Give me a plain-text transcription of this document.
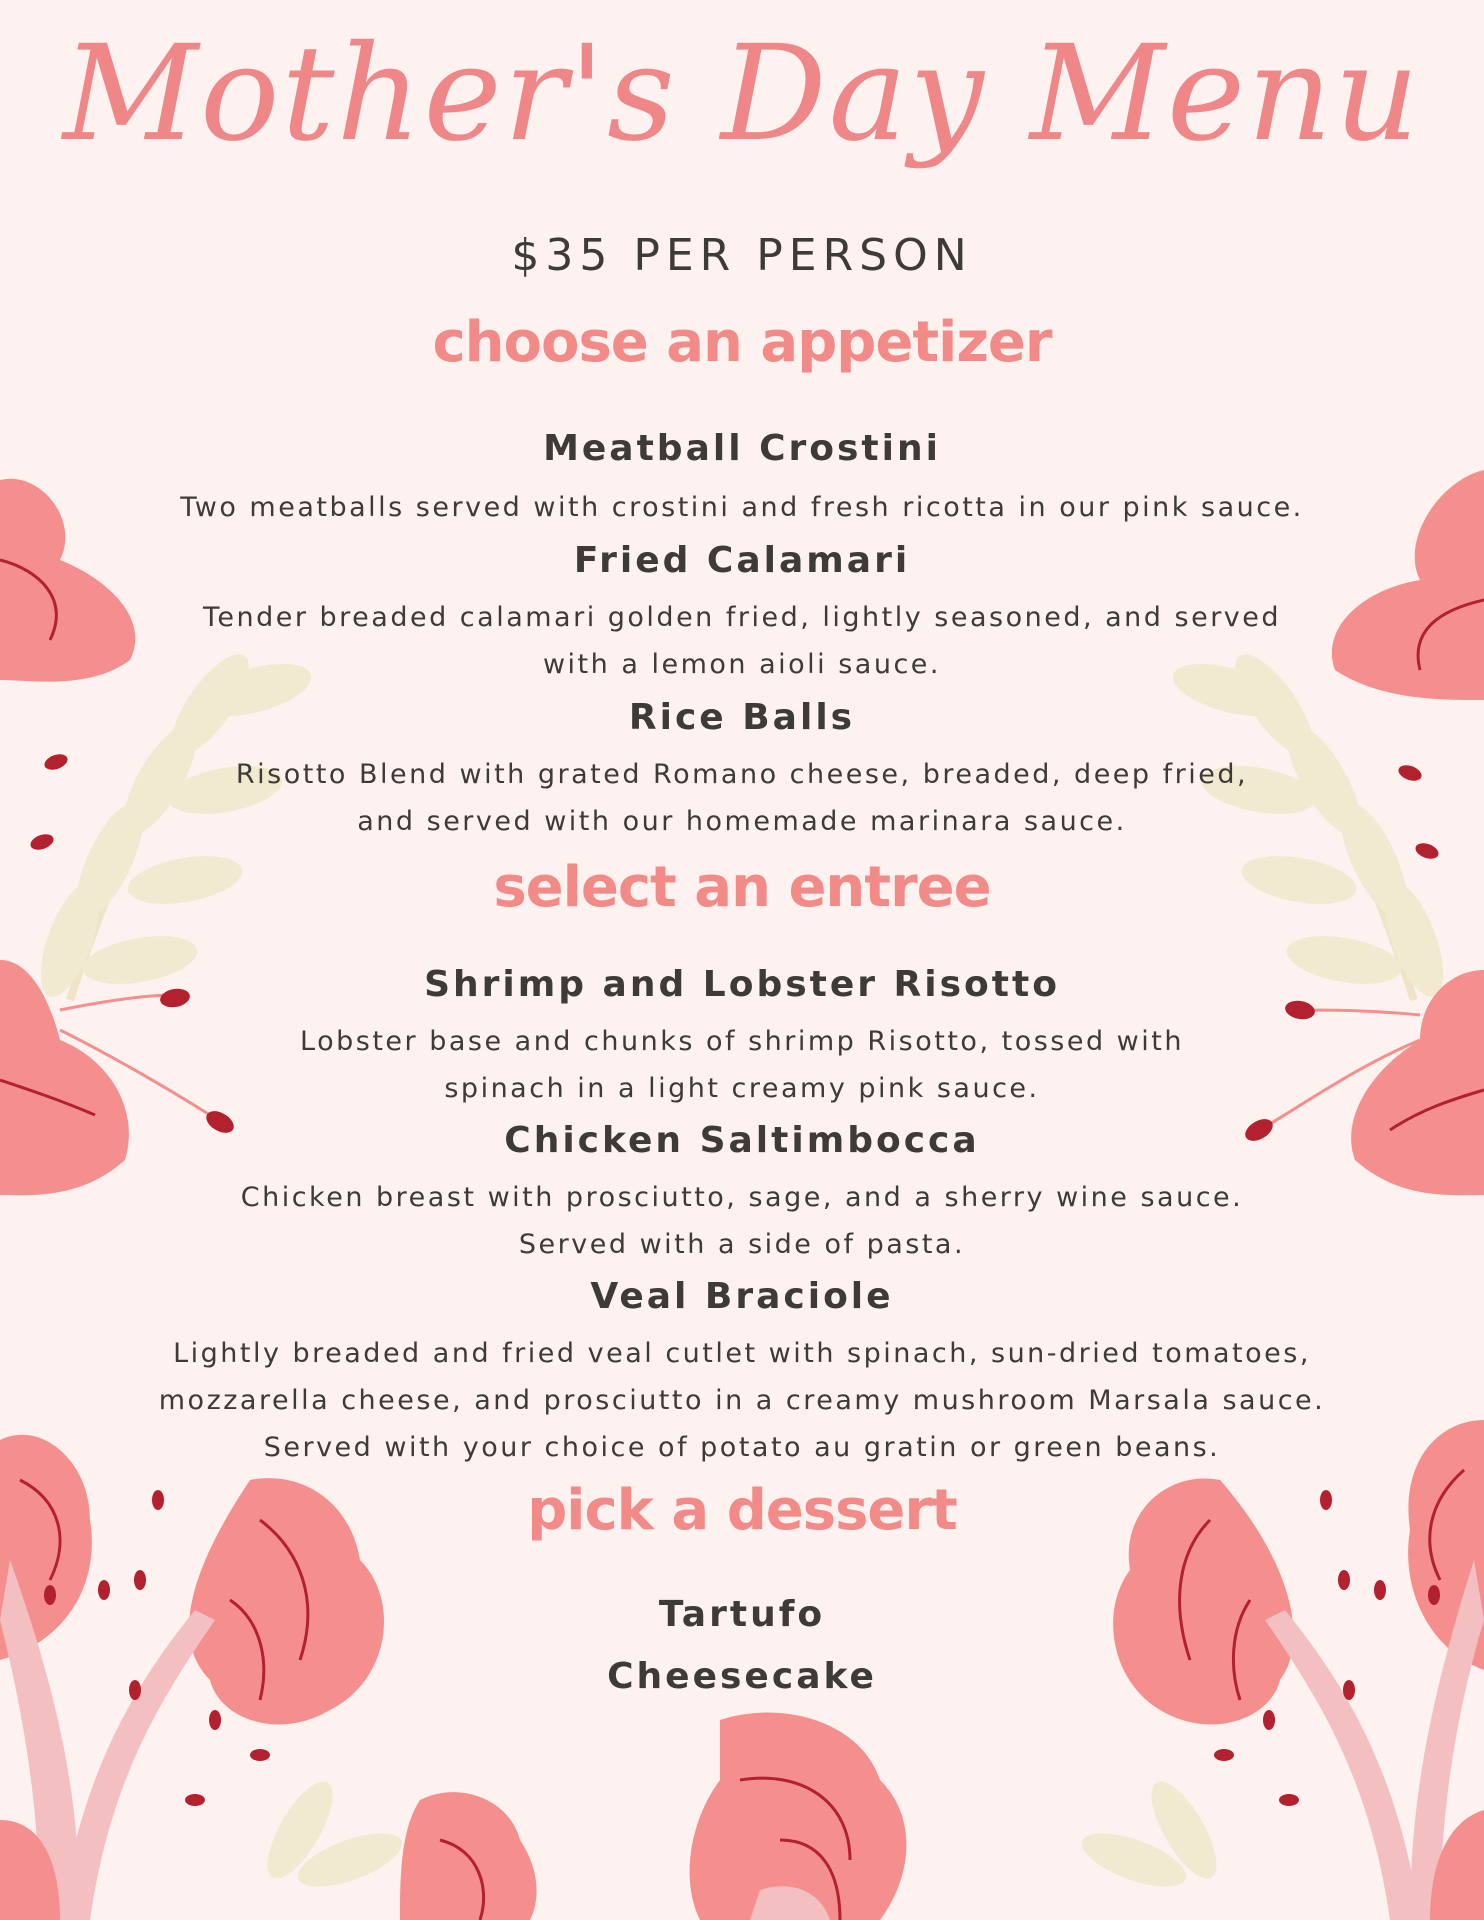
Mother's Day Menu
$35 PER PERSON
choose an appetizer
Meatball Crostini
Two meatballs served with crostini and fresh ricotta in our pink sauce.
Fried Calamari
Tender breaded calamari golden fried, lightly seasoned, and served with a lemon aioli sauce.
Rice Balls
Risotto Blend with grated Romano cheese, breaded, deep fried, and served with our homemade marinara sauce.
select an entree
Shrimp and Lobster Risotto
Lobster base and chunks of shrimp Risotto, tossed with spinach in a light creamy pink sauce.
Chicken Saltimbocca
Chicken breast with prosciutto, sage, and a sherry wine sauce. Served with a side of pasta.
Veal Braciole
Lightly breaded and fried veal cutlet with spinach, sun-dried tomatoes, mozzarella cheese, and prosciutto in a creamy mushroom Marsala sauce. Served with your choice of potato au gratin or green beans.
pick a dessert
Tartufo
Cheesecake
